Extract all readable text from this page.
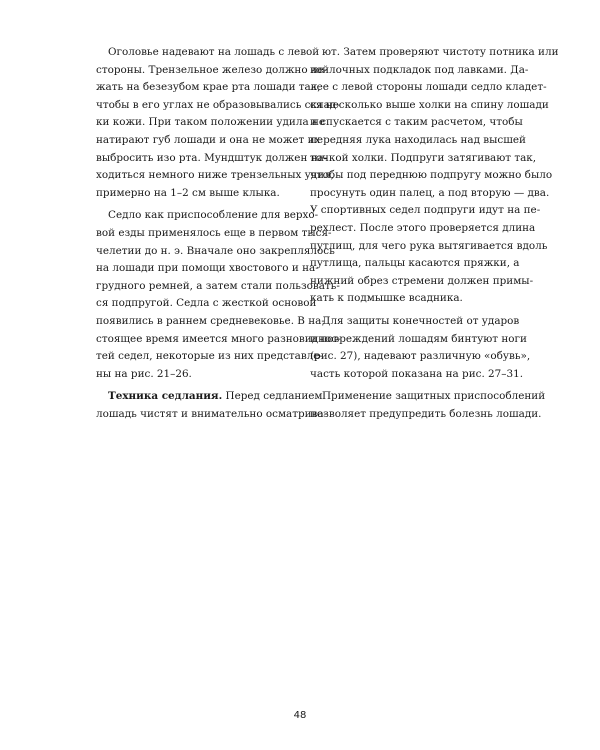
Оголовье надевают на лошадь с левой
стороны. Трензельное железо должно ле-
жать на безезубом крае рта лошади так,
чтобы в его углах не образовывались склад-
ки кожи. При таком положении удила не
натирают губ лошади и она не может их
выбросить изо рта. Мундштук должен на-
ходиться немного ниже трензельных удил,
примерно на 1–2 см выше клыка.
Седло как приспособление для верхо-
вой езды применялось еще в первом тыся-
челетии до н. э. Вначале оно закреплялось
на лошади при помощи хвостового и на-
грудного ремней, а затем стали пользовать-
ся подпругой. Седла с жесткой основой
появились в раннем средневековье. В на-
стоящее время имеется много разновиднос-
тей седел, некоторые из них представле-
ны на рис. 21–26.
Техника седлания. Перед седланием
лошадь чистят и внимательно осматрива-
ют. Затем проверяют чистоту потника или
войлочных подкладок под лавками. Да-
лее с левой стороны лошади седло кладет-
ся несколько выше холки на спину лошади
и спускается с таким расчетом, чтобы
передняя лука находилась над высшей
точкой холки. Подпруги затягивают так,
чтобы под переднюю подпругу можно было
просунуть один палец, а под вторую — два.
У спортивных седел подпруги идут на пе-
рехлест. После этого проверяется длина
путлищ, для чего рука вытягивается вдоль
путлища, пальцы касаются пряжки, а
нижний обрез стремени должен примы-
кать к подмышке всадника.
Для защиты конечностей от ударов
и повреждений лошадям бинтуют ноги
(рис. 27), надевают различную «обувь»,
часть которой показана на рис. 27–31.
Применение защитных приспособлений
позволяет предупредить болезнь лошади.
48
